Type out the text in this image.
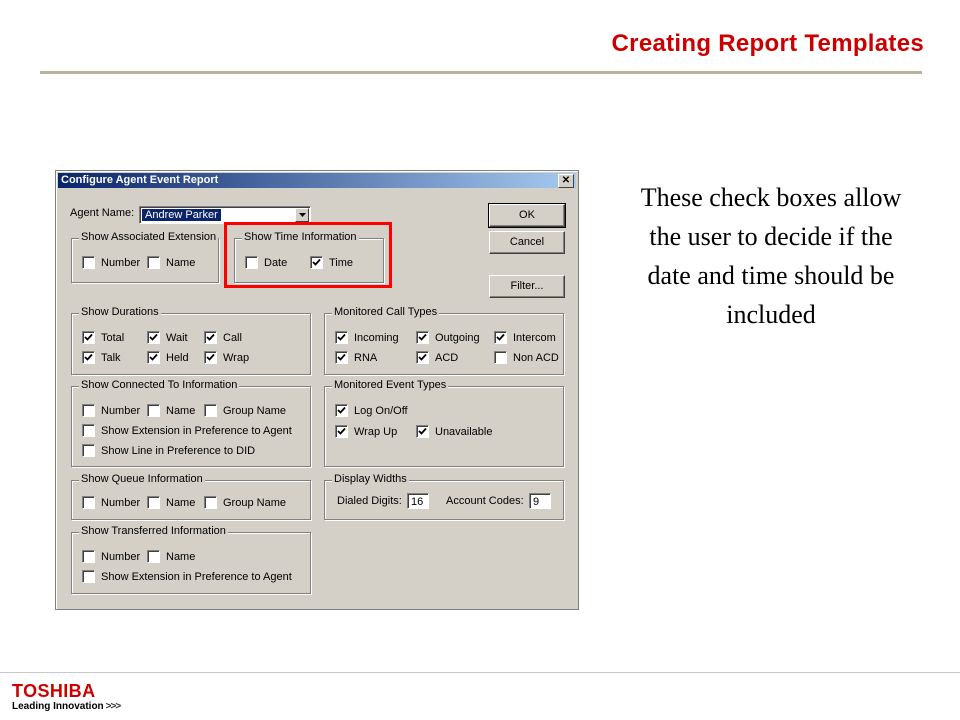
Creating Report Templates
Configure Agent Event Report	✕
Agent Name: Andrew Parker	OK
Cancel
Filter...
Show Associated Extension
Number Name
Show Time Information
Date	Time
Show Durations
Total	Wait	Call
Talk	Held	Wrap
Monitored Call Types
Incoming	Outgoing	Intercom
RNA	ACD	Non ACD
Show Connected To Information
Number Name	Group Name
Show Extension in Preference to Agent
Show Line in Preference to DID
Monitored Event Types
Log On/Off
Wrap Up	Unavailable
Show Queue Information
Number Name	Group Name
Display Widths
Dialed Digits: 16	Account Codes: 9
Show Transferred Information
Number Name
Show Extension in Preference to Agent
These check boxes allow the user to decide if the date and time should be included
TOSHIBA
Leading Innovation >>>
